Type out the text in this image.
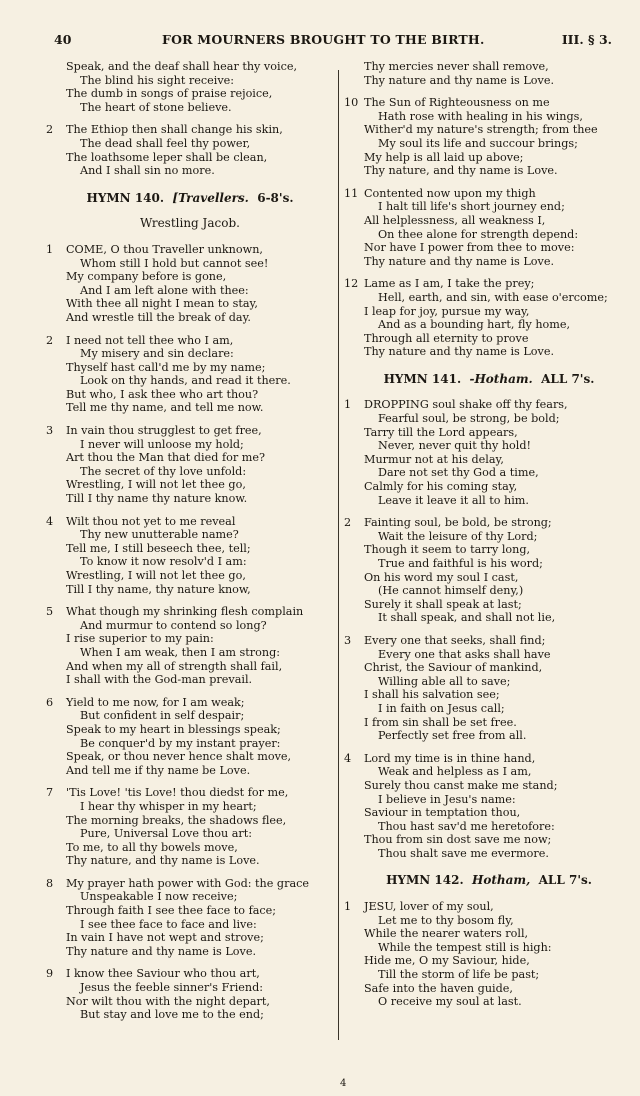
40	FOR MOURNERS BROUGHT TO THE BIRTH.	III. § 3.
Speak, and the deaf shall hear thy voice,
The blind his sight receive:
The dumb in songs of praise rejoice,
The heart of stone believe.
2	The Ethiop then shall change his skin,
The dead shall feel thy power,
The loathsome leper shall be clean,
And I shall sin no more.
HYMN 140. [Travellers. 6-8's.
Wrestling Jacob.
1	COME, O thou Traveller unknown,
Whom still I hold but cannot see!
My company before is gone,
And I am left alone with thee:
With thee all night I mean to stay,
And wrestle till the break of day.
2	I need not tell thee who I am,
My misery and sin declare:
Thyself hast call'd me by my name;
Look on thy hands, and read it there.
But who, I ask thee who art thou?
Tell me thy name, and tell me now.
3	In vain thou strugglest to get free,
I never will unloose my hold;
Art thou the Man that died for me?
The secret of thy love unfold:
Wrestling, I will not let thee go,
Till I thy name thy nature know.
4	Wilt thou not yet to me reveal
Thy new unutterable name?
Tell me, I still beseech thee, tell;
To know it now resolv'd I am:
Wrestling, I will not let thee go,
Till I thy name, thy nature know,
5	What though my shrinking flesh complain
And murmur to contend so long?
I rise superior to my pain:
When I am weak, then I am strong:
And when my all of strength shall fail,
I shall with the God-man prevail.
6	Yield to me now, for I am weak;
But confident in self despair;
Speak to my heart in blessings speak;
Be conquer'd by my instant prayer:
Speak, or thou never hence shalt move,
And tell me if thy name be Love.
7	'Tis Love! 'tis Love! thou diedst for me,
I hear thy whisper in my heart;
The morning breaks, the shadows flee,
Pure, Universal Love thou art:
To me, to all thy bowels move,
Thy nature, and thy name is Love.
8	My prayer hath power with God: the grace
Unspeakable I now receive;
Through faith I see thee face to face;
I see thee face to face and live:
In vain I have not wept and strove;
Thy nature and thy name is Love.
9	I know thee Saviour who thou art,
Jesus the feeble sinner's Friend:
Nor wilt thou with the night depart,
But stay and love me to the end;
Thy mercies never shall remove,
Thy nature and thy name is Love.
10 The Sun of Righteousness on me
Hath rose with healing in his wings,
Wither'd my nature's strength; from thee
My soul its life and succour brings;
My help is all laid up above;
Thy nature, and thy name is Love.
11 Contented now upon my thigh
I halt till life's short journey end;
All helplessness, all weakness I,
On thee alone for strength depend:
Nor have I power from thee to move:
Thy nature and thy name is Love.
12 Lame as I am, I take the prey;
Hell, earth, and sin, with ease o'ercome;
I leap for joy, pursue my way,
And as a bounding hart, fly home,
Through all eternity to prove
Thy nature and thy name is Love.
HYMN 141. -Hotham. ALL 7's.
1	DROPPING soul shake off thy fears,
Fearful soul, be strong, be bold;
Tarry till the Lord appears,
Never, never quit thy hold!
Murmur not at his delay,
Dare not set thy God a time,
Calmly for his coming stay,
Leave it leave it all to him.
2	Fainting soul, be bold, be strong;
Wait the leisure of thy Lord;
Though it seem to tarry long,
True and faithful is his word;
On his word my soul I cast,
(He cannot himself deny,)
Surely it shall speak at last;
It shall speak, and shall not lie,
3	Every one that seeks, shall find;
Every one that asks shall have
Christ, the Saviour of mankind,
Willing able all to save;
I shall his salvation see;
I in faith on Jesus call;
I from sin shall be set free.
Perfectly set free from all.
4	Lord my time is in thine hand,
Weak and helpless as I am,
Surely thou canst make me stand;
I believe in Jesu's name:
Saviour in temptation thou,
Thou hast sav'd me heretofore:
Thou from sin dost save me now;
Thou shalt save me evermore.
HYMN 142. Hotham, ALL 7's.
1	JESU, lover of my soul,
Let me to thy bosom fly,
While the nearer waters roll,
While the tempest still is high:
Hide me, O my Saviour, hide,
Till the storm of life be past;
Safe into the haven guide,
O receive my soul at last.
4
